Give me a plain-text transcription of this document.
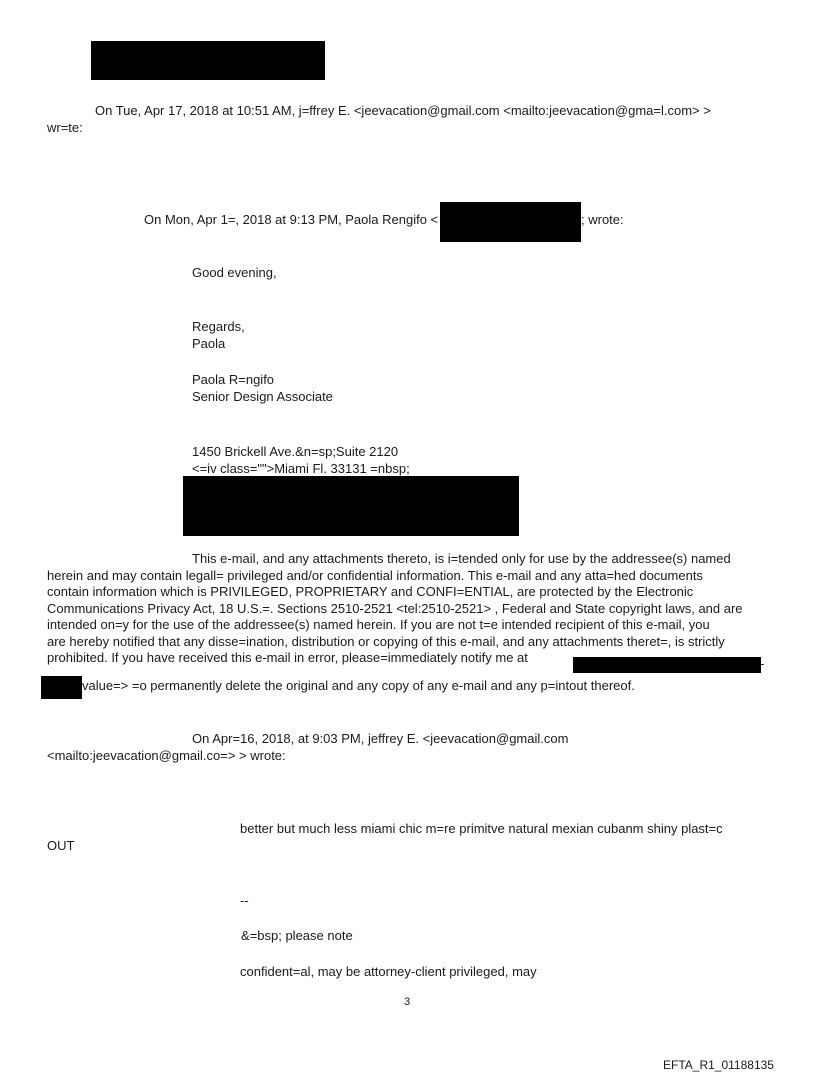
On Tue, Apr 17, 2018 at 10:51 AM, j=ffrey E. <jeevacation@gmail.com <mailto:jeevacation@gma=l.com> >
wr=te:
On Mon, Apr 1=, 2018 at 9:13 PM, Paola Rengifo <	; wrote:
Good evening,
Regards,
Paola
Paola R=ngifo
Senior Design Associate
1450 Brickell Ave.&n=sp;Suite 2120
<=iv class="">Miami Fl. 33131 =nbsp;
This e-mail, and any attachments thereto, is i=tended only for use by the addressee(s) named
herein and may contain legall= privileged and/or confidential information. This e-mail and any atta=hed documents
contain information which is PRIVILEGED, PROPRIETARY and CONFI=ENTIAL, are protected by the Electronic
Communications Privacy Act, 18 U.S.=. Sections 2510-2521 <tel:2510-2521> , Federal and State copyright laws, and are
intended on=y for the use of the addressee(s) named herein. If you are not t=e intended recipient of this e-mail, you
are hereby notified that any disse=ination, distribution or copying of this e-mail, and any attachments theret=, is strictly
prohibited. If you have received this e-mail in error, please=immediately notify me at	-
value=> =o permanently delete the original and any copy of any e-mail and any p=intout thereof.
On Apr=16, 2018, at 9:03 PM, jeffrey E. <jeevacation@gmail.com
<mailto:jeevacation@gmail.co=> > wrote:
better but much less miami chic m=re primitve natural mexian cubanm shiny plast=c
OUT
--
&=bsp; please note
confident=al, may be attorney-client privileged, may
3
EFTA_R1_01188135
